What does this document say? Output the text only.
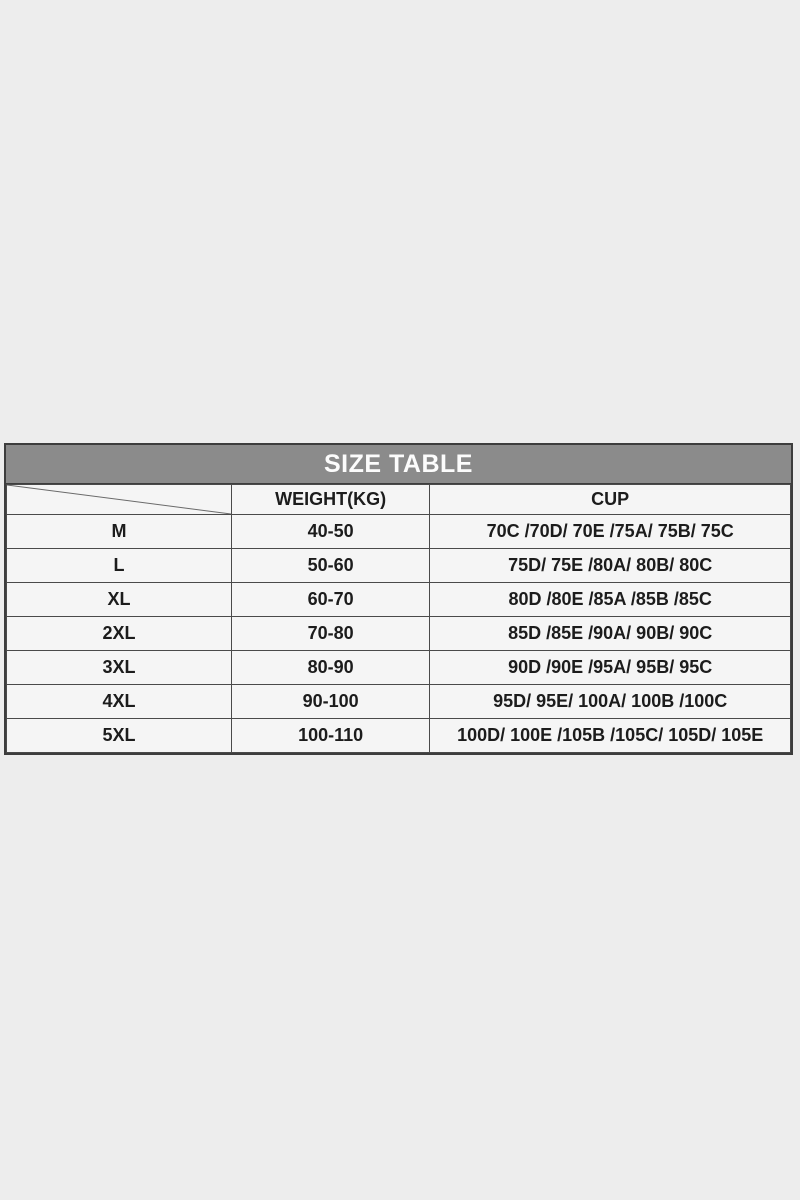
SIZE TABLE
	WEIGHT(KG)	CUP
M	40-50	70C /70D/ 70E /75A/ 75B/ 75C
L	50-60	75D/ 75E /80A/ 80B/ 80C
XL	60-70	80D /80E /85A /85B /85C
2XL	70-80	85D /85E /90A/ 90B/ 90C
3XL	80-90	90D /90E /95A/ 95B/ 95C
4XL	90-100	95D/ 95E/ 100A/ 100B /100C
5XL	100-110	100D/ 100E /105B /105C/ 105D/ 105E
